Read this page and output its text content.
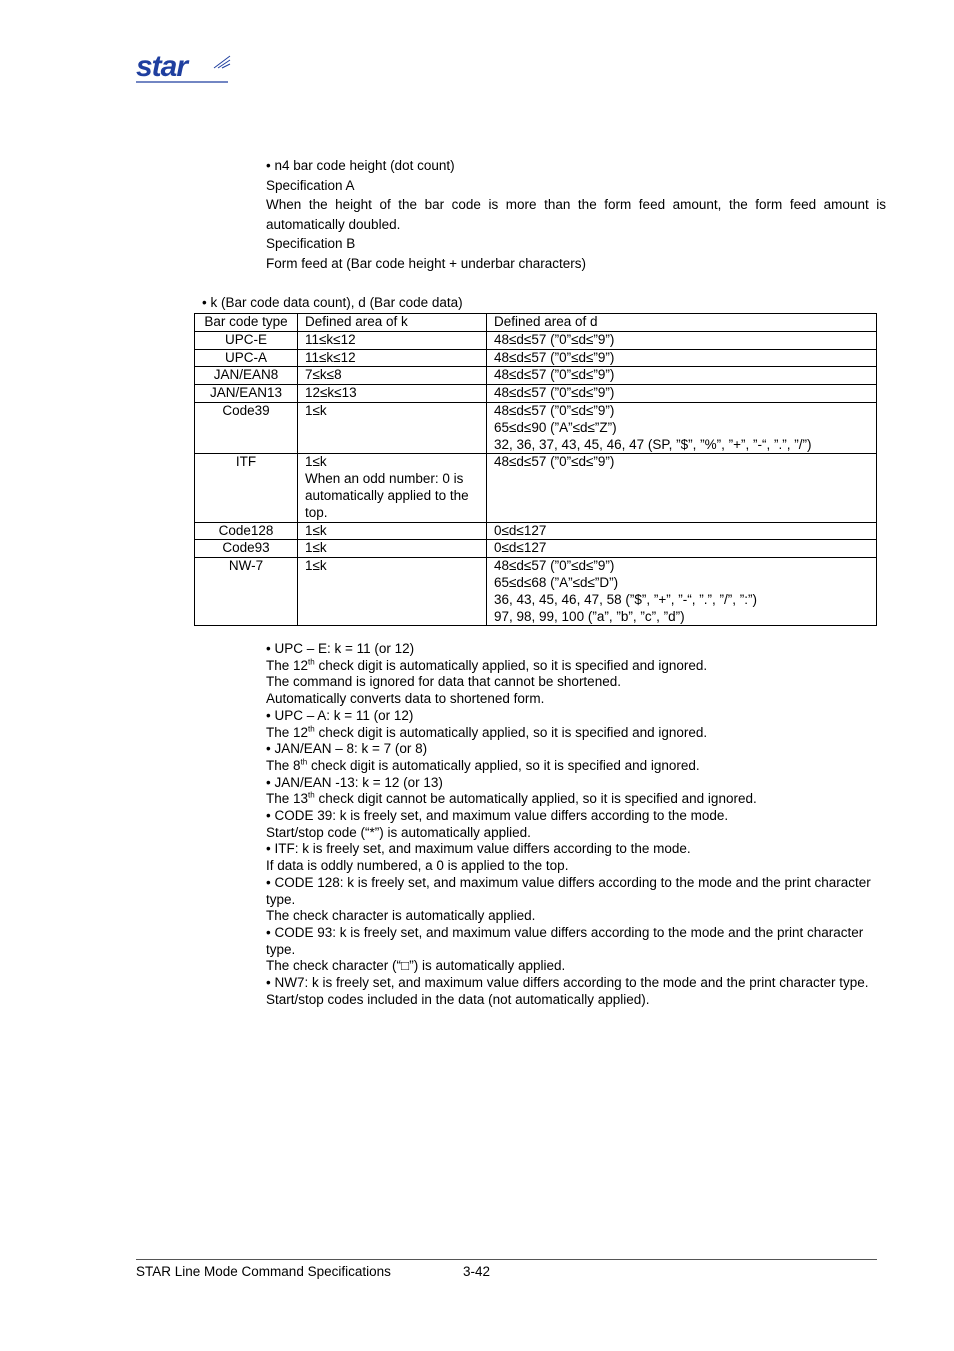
star

• n4 bar code height (dot count)

Specification A

When the height of the bar code is more than the form feed amount, the form feed amount is automatically doubled.

Specification B

Form feed at (Bar code height + underbar characters)

• k (Bar code data count), d (Bar code data)
Bar code type	Defined area of k	Defined area of d
UPC-E	11≤k≤12	48≤d≤57 (”0”≤d≤”9”)

UPC-A	11≤k≤12	48≤d≤57 (”0”≤d≤”9”)

JAN/EAN8	7≤k≤8	48≤d≤57 (”0”≤d≤”9”)

JAN/EAN13	12≤k≤13	48≤d≤57 (”0”≤d≤”9”)

Code39	1≤k	48≤d≤57 (”0”≤d≤”9”)
65≤d≤90 (”A”≤d≤”Z”)
32, 36, 37, 43, 45, 46, 47 (SP, ”$”, ”%”, ”+”, ”-“, ”.”, ”/”)

ITF	1≤k
When an odd number: 0 is automatically applied to the top.	48≤d≤57 (”0”≤d≤”9”)

Code128	1≤k	0≤d≤127

Code93	1≤k	0≤d≤127

NW-7	1≤k	48≤d≤57 (”0”≤d≤”9”)
65≤d≤68 (”A”≤d≤”D”)
36, 43, 45, 46, 47, 58 (”$”, ”+”, ”-“, ”.”, ”/”, ”:”)
97, 98, 99, 100 (”a”, ”b”, ”c”, ”d”)

• UPC – E: k = 11 (or 12)

The 12th check digit is automatically applied, so it is specified and ignored.

The command is ignored for data that cannot be shortened.

Automatically converts data to shortened form.

• UPC – A: k = 11 (or 12)

The 12th check digit is automatically applied, so it is specified and ignored.

• JAN/EAN – 8: k = 7 (or 8)

The 8th check digit is automatically applied, so it is specified and ignored.

• JAN/EAN -13: k = 12 (or 13)

The 13th check digit cannot be automatically applied, so it is specified and ignored.

• CODE 39: k is freely set, and maximum value differs according to the mode.

Start/stop code (“*”) is automatically applied.

• ITF: k is freely set, and maximum value differs according to the mode.

If data is oddly numbered, a 0 is applied to the top.

• CODE 128: k is freely set, and maximum value differs according to the mode and the print character type.

The check character is automatically applied.

• CODE 93: k is freely set, and maximum value differs according to the mode and the print character type.

The check character (“□”) is automatically applied.

• NW7: k is freely set, and maximum value differs according to the mode and the print character type.

Start/stop codes included in the data (not automatically applied).

STAR Line Mode Command Specifications	3-42
